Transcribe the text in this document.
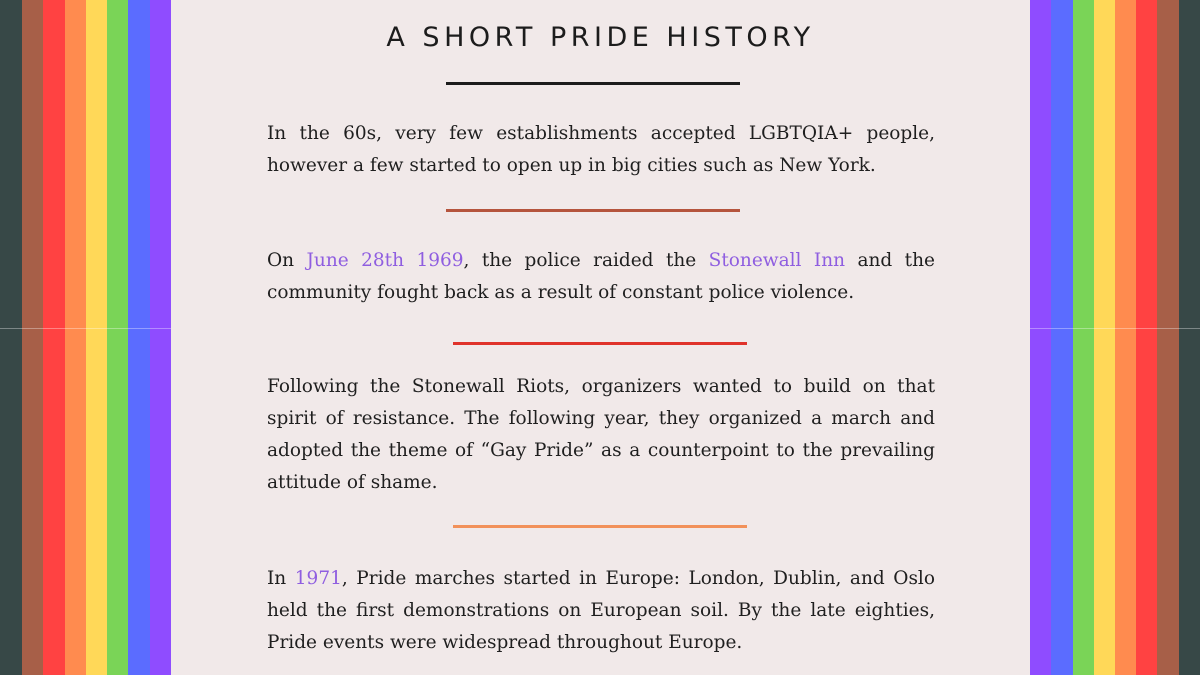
A SHORT PRIDE HISTORY

In the 60s, very few establishments accepted LGBTQIA+ people, however a few started to open up in big cities such as New York.

On June 28th 1969, the police raided the Stonewall Inn and the community fought back as a result of constant police violence.

Following the Stonewall Riots, organizers wanted to build on that spirit of resistance. The following year, they organized a march and adopted the theme of “Gay Pride” as a counterpoint to the prevailing attitude of shame.

In 1971, Pride marches started in Europe: London, Dublin, and Oslo held the first demonstrations on European soil. By the late eighties, Pride events were widespread throughout Europe.
